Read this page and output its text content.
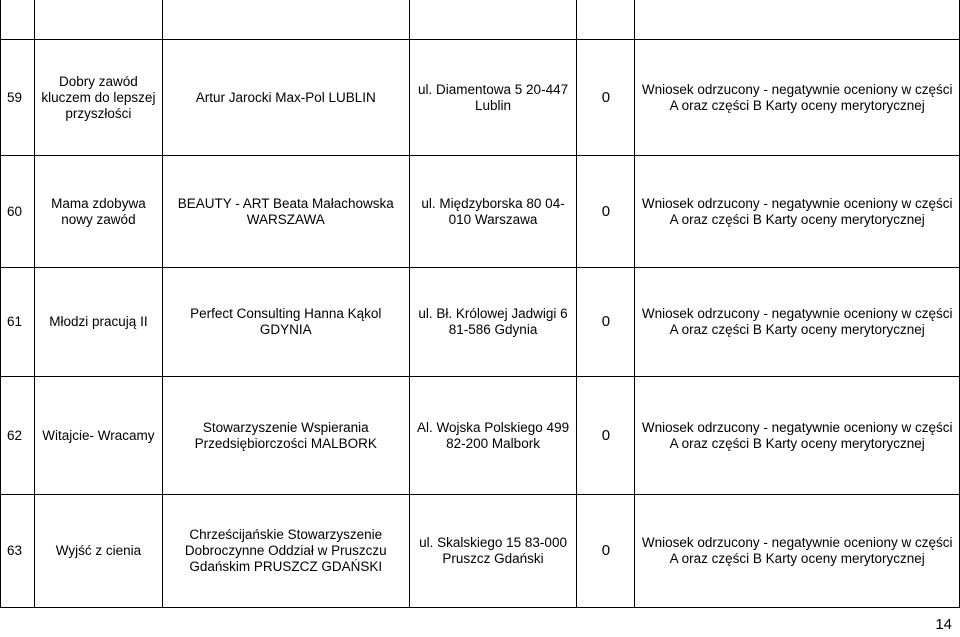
59	Dobry zawód kluczem do lepszej przyszłości	Artur Jarocki Max-Pol LUBLIN	ul. Diamentowa 5 20-447 Lublin	0	Wniosek odrzucony - negatywnie oceniony w części A oraz części B Karty oceny merytorycznej
60	Mama zdobywa nowy zawód	BEAUTY - ART Beata Małachowska WARSZAWA	ul. Międzyborska 80 04-010 Warszawa	0	Wniosek odrzucony - negatywnie oceniony w części A oraz części B Karty oceny merytorycznej
61	Młodzi pracują II	Perfect Consulting Hanna Kąkol GDYNIA	ul. Bł. Królowej Jadwigi 6 81-586 Gdynia	0	Wniosek odrzucony - negatywnie oceniony w części A oraz części B Karty oceny merytorycznej
62	Witajcie- Wracamy	Stowarzyszenie Wspierania Przedsiębiorczości MALBORK	Al. Wojska Polskiego 499 82-200 Malbork	0	Wniosek odrzucony - negatywnie oceniony w części A oraz części B Karty oceny merytorycznej
63	Wyjść z cienia	Chrześcijańskie Stowarzyszenie Dobroczynne Oddział w Pruszczu Gdańskim PRUSZCZ GDAŃSKI	ul. Skalskiego 15 83-000 Pruszcz Gdański	0	Wniosek odrzucony - negatywnie oceniony w części A oraz części B Karty oceny merytorycznej
14
